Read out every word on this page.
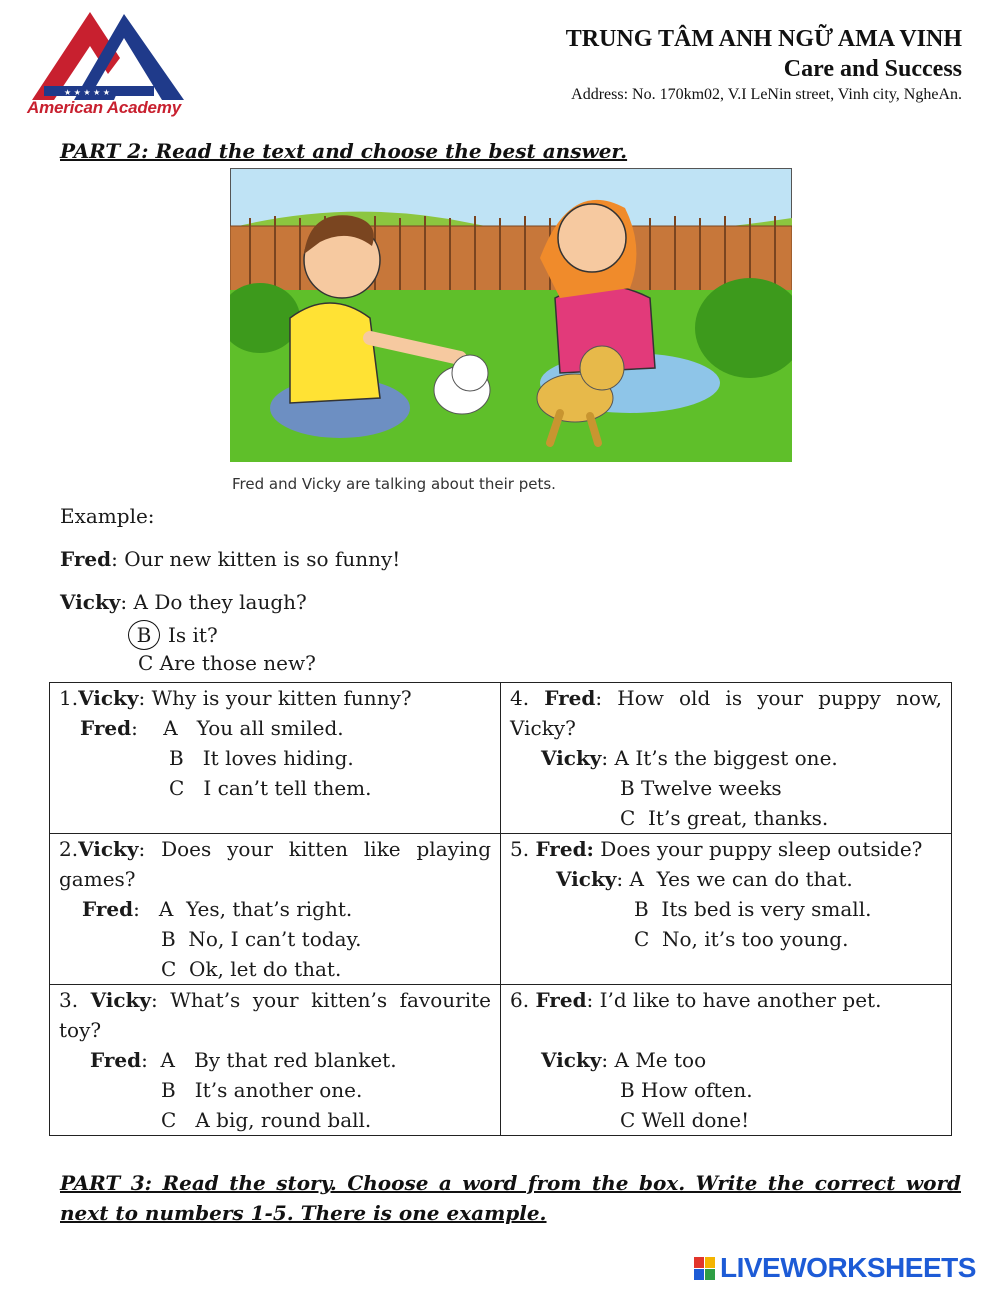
★ ★ ★ ★ ★
American Academy
TRUNG TÂM ANH NGỮ AMA VINH
Care and Success
Address: No. 170km02, V.I LeNin street, Vinh city, NgheAn.
PART 2: Read the text and choose the best answer.
Fred and Vicky are talking about their pets.
Example:
Fred: Our new kitten is so funny!
Vicky: A Do they laugh?
B Is it?
C Are those new?
1.Vicky: Why is your kitten funny?
Fred:    A   You all smiled.
B   It loves hiding.
C   I can’t tell them.	4. Fred: How old is your puppy now, Vicky?
Vicky: A It’s the biggest one.
B Twelve weeks
C  It’s great, thanks.

2.Vicky: Does your kitten like playing games?
Fred:   A  Yes, that’s right.
B  No, I can’t today.
C  Ok, let do that.	5. Fred: Does your puppy sleep outside?
Vicky: A  Yes we can do that.
B  Its bed is very small.
C  No, it’s too young.

3. Vicky: What’s your kitten’s favourite toy?
Fred:  A   By that red blanket.
B   It’s another one.
C   A big, round ball.	6. Fred: I’d like to have another pet.
Vicky: A Me too
B How often.
C Well done!
PART 3: Read the story. Choose a word from the box. Write the correct word next to numbers 1-5. There is one example.
LIVEWORKSHEETS
